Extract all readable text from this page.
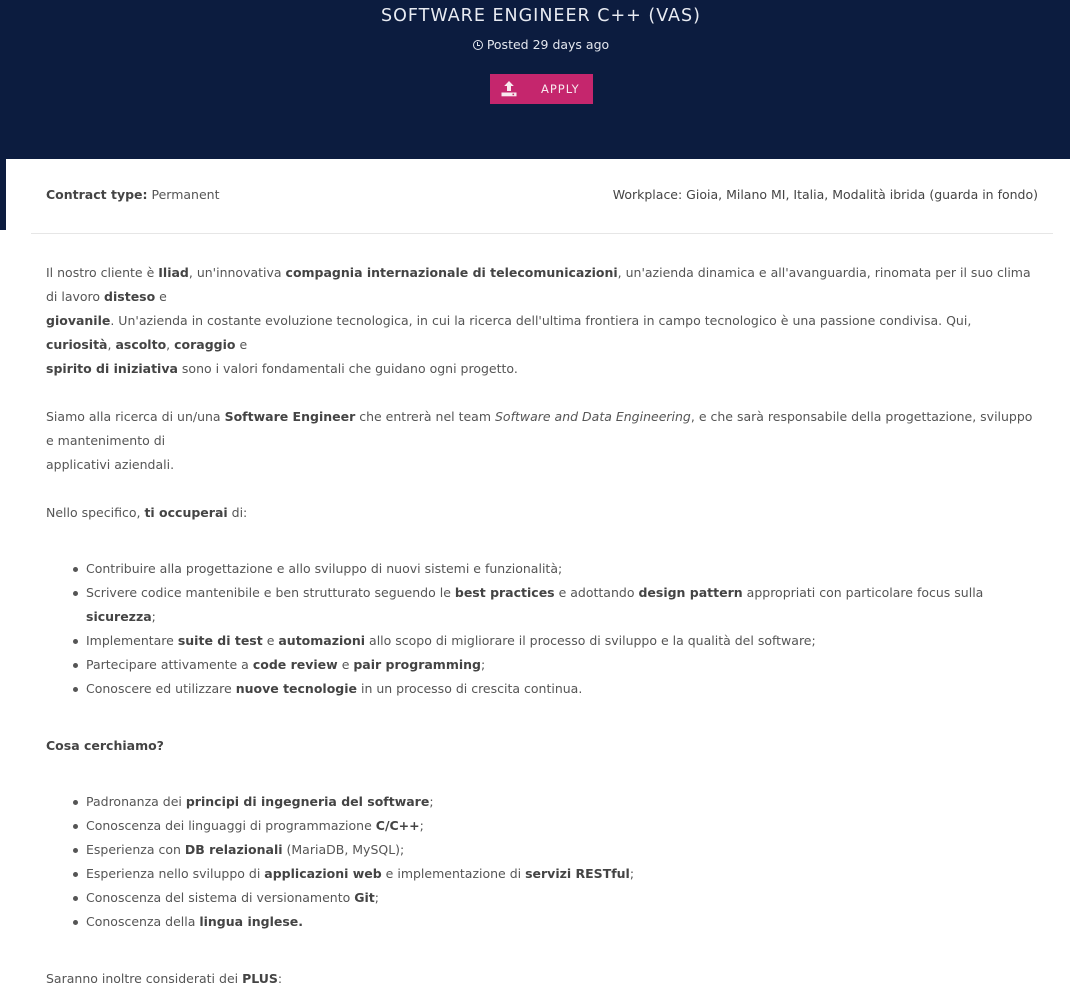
SOFTWARE ENGINEER C++ (VAS)
Posted 29 days ago
APPLY
Contract type: Permanent	Workplace: Gioia, Milano MI, Italia, Modalità ibrida (guarda in fondo)

Il nostro cliente è Iliad, un'innovativa compagnia internazionale di telecomunicazioni, un'azienda dinamica e all'avanguardia, rinomata per il suo clima di lavoro disteso e
giovanile. Un'azienda in costante evoluzione tecnologica, in cui la ricerca dell'ultima frontiera in campo tecnologico è una passione condivisa. Qui, curiosità, ascolto, coraggio e
spirito di iniziativa sono i valori fondamentali che guidano ogni progetto.

Siamo alla ricerca di un/una Software Engineer che entrerà nel team Software and Data Engineering, e che sarà responsabile della progettazione, sviluppo e mantenimento di
applicativi aziendali.

Nello specifico, ti occuperai di:

Contribuire alla progettazione e allo sviluppo di nuovi sistemi e funzionalità;
Scrivere codice mantenibile e ben strutturato seguendo le best practices e adottando design pattern appropriati con particolare focus sulla sicurezza;
Implementare suite di test e automazioni allo scopo di migliorare il processo di sviluppo e la qualità del software;
Partecipare attivamente a code review e pair programming;
Conoscere ed utilizzare nuove tecnologie in un processo di crescita continua.

Cosa cerchiamo?

Padronanza dei principi di ingegneria del software;
Conoscenza dei linguaggi di programmazione C/C++;
Esperienza con DB relazionali (MariaDB, MySQL);
Esperienza nello sviluppo di applicazioni web e implementazione di servizi RESTful;
Conoscenza del sistema di versionamento Git;
Conoscenza della lingua inglese.

Saranno inoltre considerati dei PLUS:
